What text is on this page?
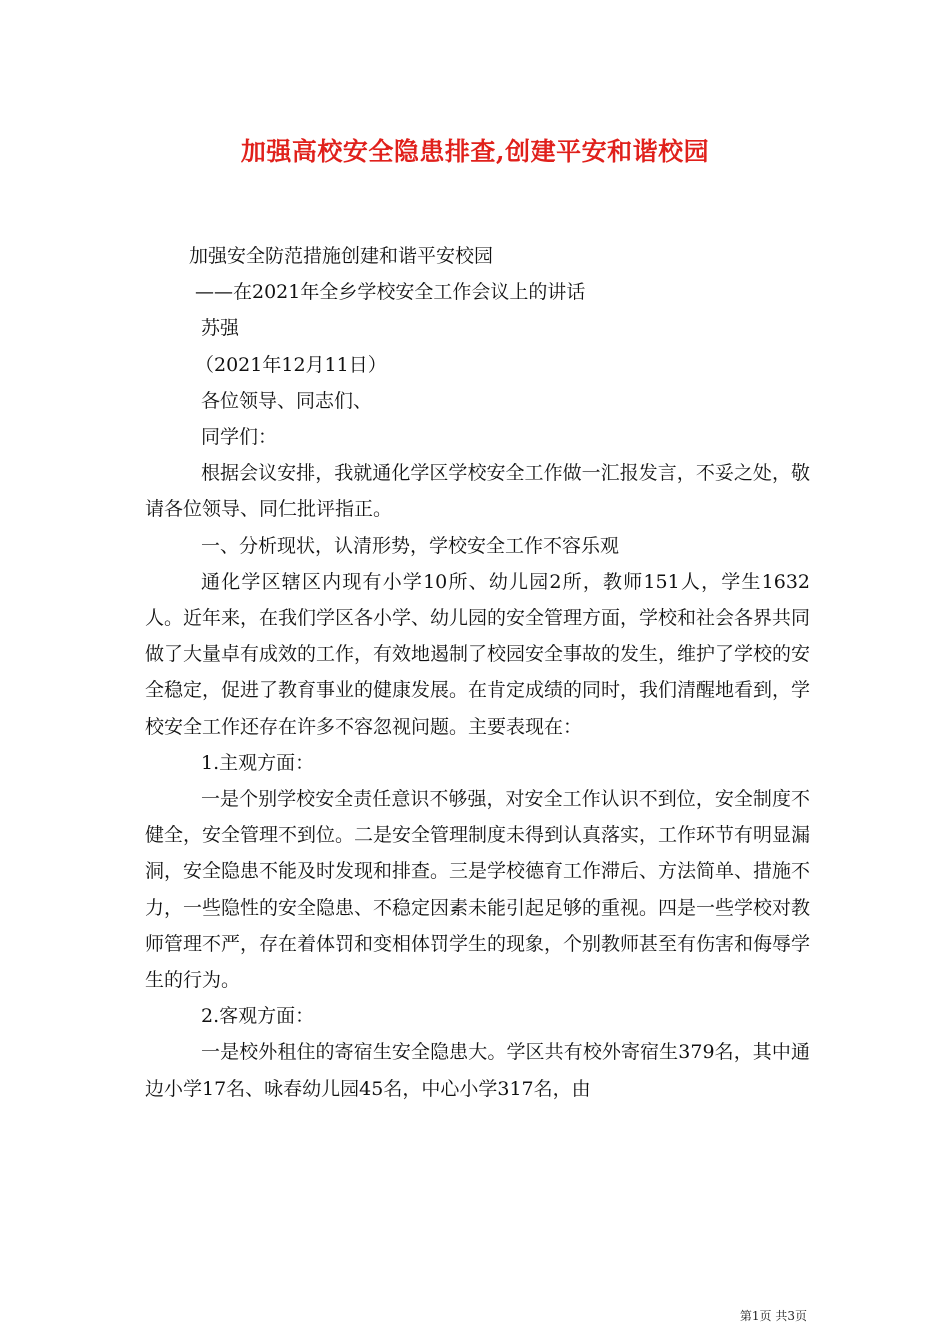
加强高校安全隐患排查,创建平安和谐校园

加强安全防范措施创建和谐平安校园

——在2021年全乡学校安全工作会议上的讲话

苏强

（2021年12月11日）

各位领导、同志们、

同学们：

根据会议安排，我就通化学区学校安全工作做一汇报发言，不妥之处，敬请各位领导、同仁批评指正。

一、分析现状，认清形势，学校安全工作不容乐观

通化学区辖区内现有小学10所、幼儿园2所，教师151人，学生1632人。近年来，在我们学区各小学、幼儿园的安全管理方面，学校和社会各界共同做了大量卓有成效的工作，有效地遏制了校园安全事故的发生，维护了学校的安全稳定，促进了教育事业的健康发展。在肯定成绩的同时，我们清醒地看到，学校安全工作还存在许多不容忽视问题。主要表现在：

1.主观方面：

一是个别学校安全责任意识不够强，对安全工作认识不到位，安全制度不健全，安全管理不到位。二是安全管理制度未得到认真落实，工作环节有明显漏洞，安全隐患不能及时发现和排查。三是学校德育工作滞后、方法简单、措施不力，一些隐性的安全隐患、不稳定因素未能引起足够的重视。四是一些学校对教师管理不严，存在着体罚和变相体罚学生的现象，个别教师甚至有伤害和侮辱学生的行为。

2.客观方面：

一是校外租住的寄宿生安全隐患大。学区共有校外寄宿生379名，其中通边小学17名、咏春幼儿园45名，中心小学317名，由

第1页 共3页
